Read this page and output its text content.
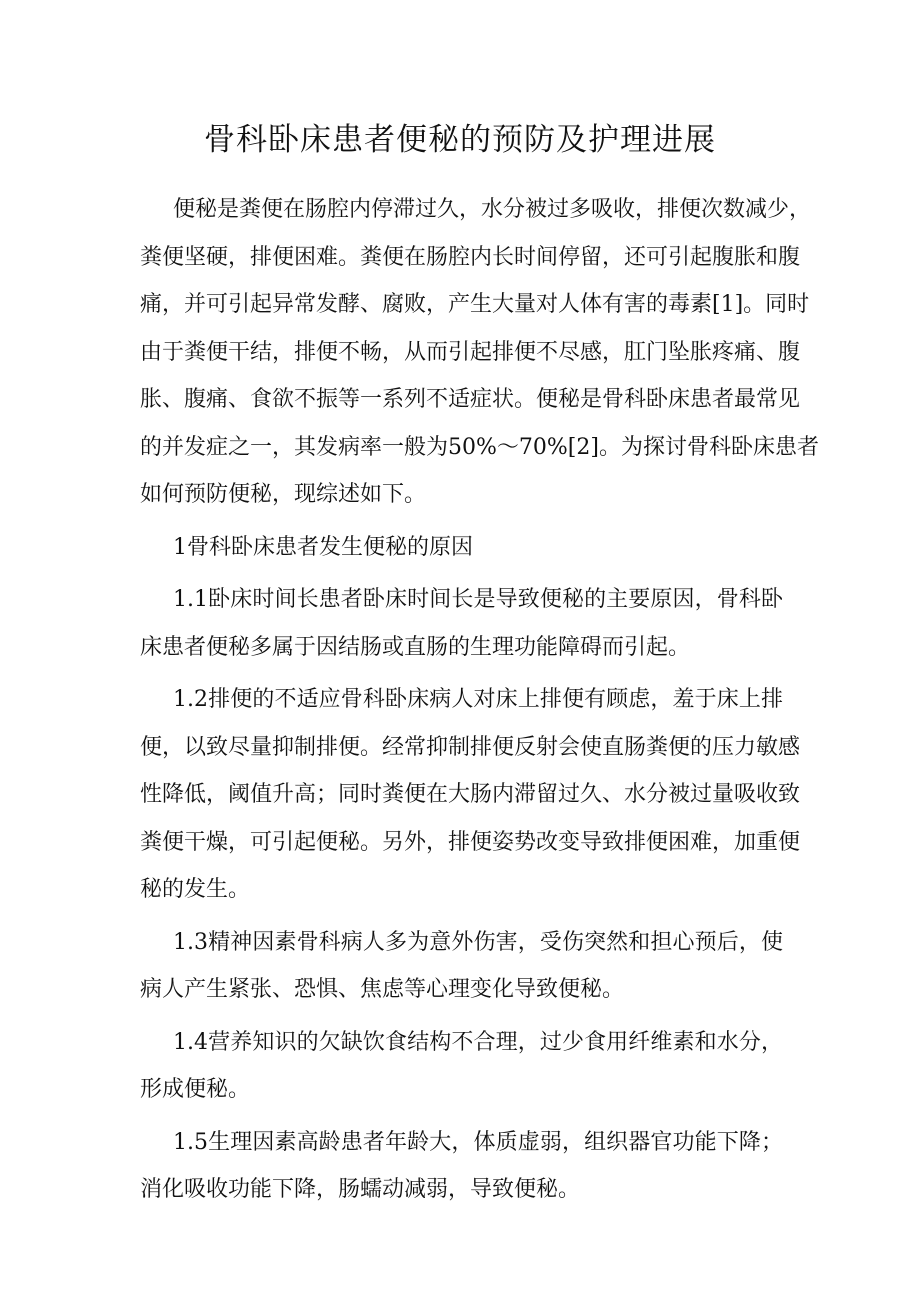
骨科卧床患者便秘的预防及护理进展
便秘是粪便在肠腔内停滞过久，水分被过多吸收，排便次数减少，
粪便坚硬，排便困难。粪便在肠腔内长时间停留，还可引起腹胀和腹
痛，并可引起异常发酵、腐败，产生大量对人体有害的毒素[1]。同时
由于粪便干结，排便不畅，从而引起排便不尽感，肛门坠胀疼痛、腹
胀、腹痛、食欲不振等一系列不适症状。便秘是骨科卧床患者最常见
的并发症之一，其发病率一般为50%～70%[2]。为探讨骨科卧床患者
如何预防便秘，现综述如下。
1骨科卧床患者发生便秘的原因
1.1卧床时间长患者卧床时间长是导致便秘的主要原因，骨科卧
床患者便秘多属于因结肠或直肠的生理功能障碍而引起。
1.2排便的不适应骨科卧床病人对床上排便有顾虑，羞于床上排
便，以致尽量抑制排便。经常抑制排便反射会使直肠粪便的压力敏感
性降低，阈值升高；同时粪便在大肠内滞留过久、水分被过量吸收致
粪便干燥，可引起便秘。另外，排便姿势改变导致排便困难，加重便
秘的发生。
1.3精神因素骨科病人多为意外伤害，受伤突然和担心预后，使
病人产生紧张、恐惧、焦虑等心理变化导致便秘。
1.4营养知识的欠缺饮食结构不合理，过少食用纤维素和水分，
形成便秘。
1.5生理因素高龄患者年龄大，体质虚弱，组织器官功能下降；
消化吸收功能下降，肠蠕动减弱，导致便秘。
